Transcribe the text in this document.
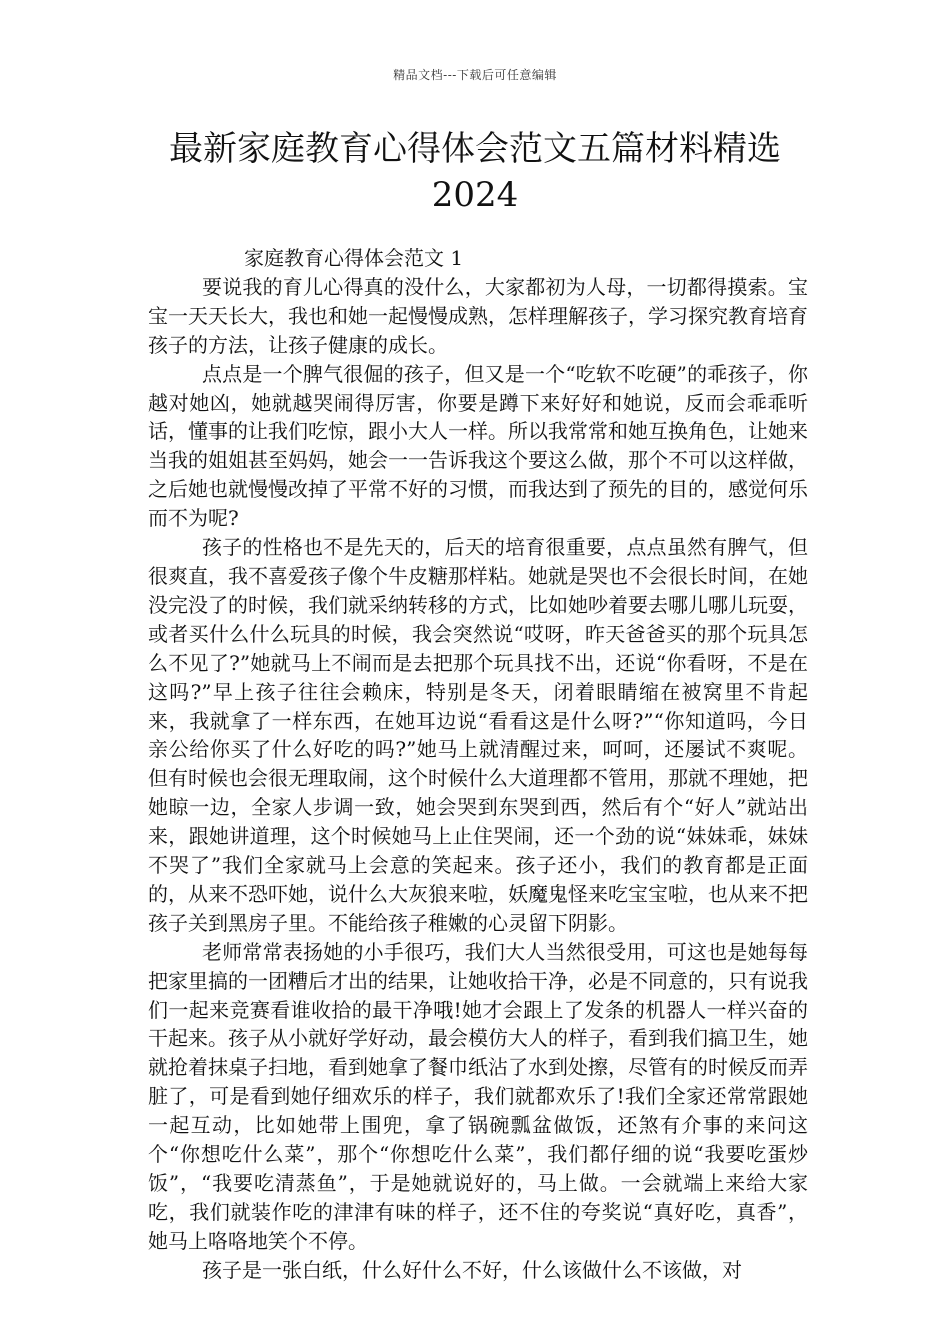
精品文档---下载后可任意编辑
最新家庭教育心得体会范文五篇材料精选
2024
家庭教育心得体会范文 1

要说我的育儿心得真的没什么，大家都初为人母，一切都得摸索。宝宝一天天长大，我也和她一起慢慢成熟，怎样理解孩子，学习探究教育培育孩子的方法，让孩子健康的成长。

点点是一个脾气很倔的孩子，但又是一个“吃软不吃硬”的乖孩子，你越对她凶，她就越哭闹得厉害，你要是蹲下来好好和她说，反而会乖乖听话，懂事的让我们吃惊，跟小大人一样。所以我常常和她互换角色，让她来当我的姐姐甚至妈妈，她会一一告诉我这个要这么做，那个不可以这样做，之后她也就慢慢改掉了平常不好的习惯，而我达到了预先的目的，感觉何乐而不为呢?

孩子的性格也不是先天的，后天的培育很重要，点点虽然有脾气，但很爽直，我不喜爱孩子像个牛皮糖那样粘。她就是哭也不会很长时间，在她没完没了的时候，我们就采纳转移的方式，比如她吵着要去哪儿哪儿玩耍，或者买什么什么玩具的时候，我会突然说“哎呀，昨天爸爸买的那个玩具怎么不见了?”她就马上不闹而是去把那个玩具找不出，还说“你看呀，不是在这吗?”早上孩子往往会赖床，特别是冬天，闭着眼睛缩在被窝里不肯起来，我就拿了一样东西，在她耳边说“看看这是什么呀?”“你知道吗，今日亲公给你买了什么好吃的吗?”她马上就清醒过来，呵呵，还屡试不爽呢。但有时候也会很无理取闹，这个时候什么大道理都不管用，那就不理她，把她晾一边，全家人步调一致，她会哭到东哭到西，然后有个“好人”就站出来，跟她讲道理，这个时候她马上止住哭闹，还一个劲的说“妹妹乖，妹妹不哭了”我们全家就马上会意的笑起来。孩子还小，我们的教育都是正面的，从来不恐吓她，说什么大灰狼来啦，妖魔鬼怪来吃宝宝啦，也从来不把孩子关到黑房子里。不能给孩子稚嫩的心灵留下阴影。

老师常常表扬她的小手很巧，我们大人当然很受用，可这也是她每每把家里搞的一团糟后才出的结果，让她收拾干净，必是不同意的，只有说我们一起来竞赛看谁收拾的最干净哦!她才会跟上了发条的机器人一样兴奋的干起来。孩子从小就好学好动，最会模仿大人的样子，看到我们搞卫生，她就抢着抹桌子扫地，看到她拿了餐巾纸沾了水到处擦，尽管有的时候反而弄脏了，可是看到她仔细欢乐的样子，我们就都欢乐了!我们全家还常常跟她一起互动，比如她带上围兜，拿了锅碗瓢盆做饭，还煞有介事的来问这个“你想吃什么菜”，那个“你想吃什么菜”，我们都仔细的说“我要吃蛋炒饭”，“我要吃清蒸鱼”，于是她就说好的，马上做。一会就端上来给大家吃，我们就装作吃的津津有味的样子，还不住的夸奖说“真好吃，真香”，她马上咯咯地笑个不停。

孩子是一张白纸，什么好什么不好，什么该做什么不该做，对
